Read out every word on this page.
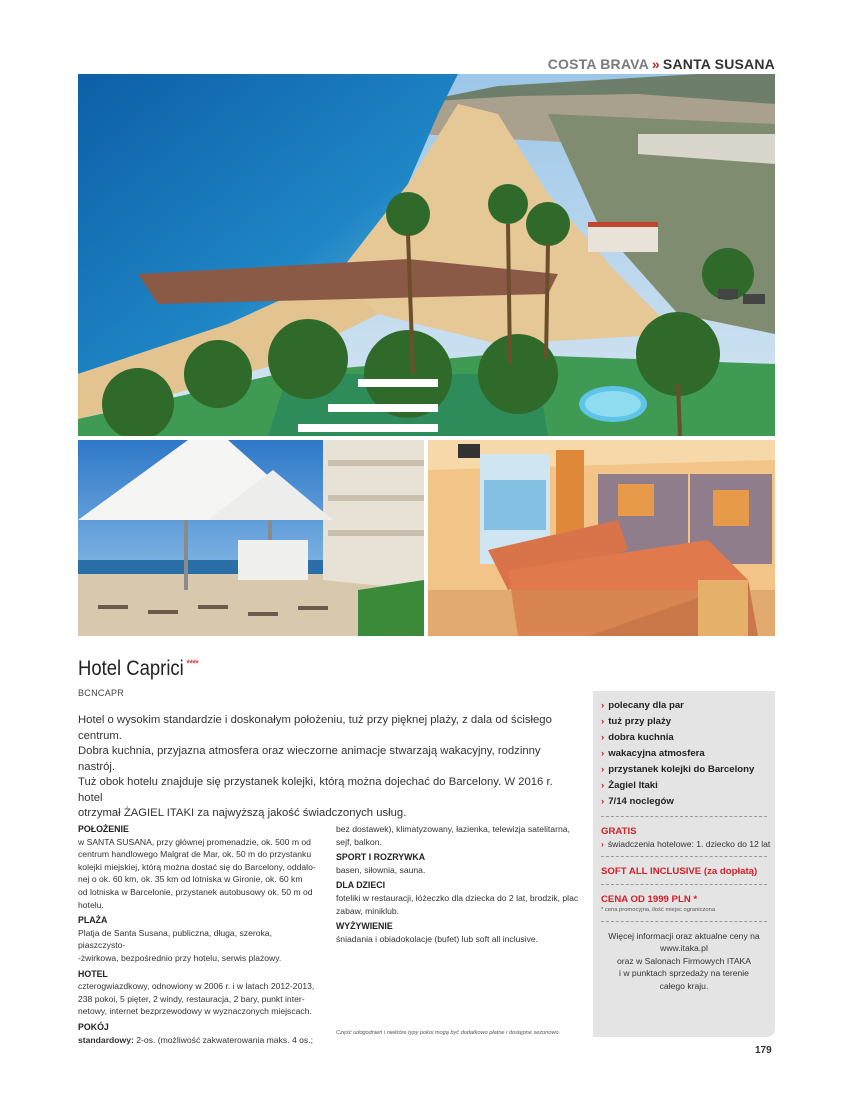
COSTA BRAVA » SANTA SUSANA
Hotel Caprici ****
BCNCAPR
Hotel o wysokim standardzie i doskonałym położeniu, tuż przy pięknej plaży, z dala od ścisłego centrum.
Dobra kuchnia, przyjazna atmosfera oraz wieczorne animacje stwarzają wakacyjny, rodzinny nastrój.
Tuż obok hotelu znajduje się przystanek kolejki, którą można dojechać do Barcelony. W 2016 r. hotel
otrzymał ŻAGIEL ITAKI za najwyższą jakość świadczonych usług.
POŁOŻENIE
w SANTA SUSANA, przy głównej promenadzie, ok. 500 m od
centrum handlowego Malgrat de Mar, ok. 50 m do przystanku
kolejki miejskiej, którą można dostać się do Barcelony, oddalo-
nej o ok. 60 km, ok. 35 km od lotniska w Gironie, ok. 60 km
od lotniska w Barcelonie, przystanek autobusowy ok. 50 m od
hotelu.
PLAŻA
Platja de Santa Susana, publiczna, długa, szeroka, piaszczysto-
-żwirkowa, bezpośrednio przy hotelu, serwis plażowy.
HOTEL
czterogwiazdkowy, odnowiony w 2006 r. i w latach 2012-2013,
238 pokoi, 5 pięter, 2 windy, restauracja, 2 bary, punkt inter-
netowy, internet bezprzewodowy w wyznaczonych miejscach.
POKÓJ
standardowy: 2-os. (możliwość zakwaterowania maks. 4 os.;
bez dostawek), klimatyzowany, łazienka, telewizja satelitarna,
sejf, balkon.
SPORT I ROZRYWKA
basen, siłownia, sauna.
DLA DZIECI
foteliki w restauracji, łóżeczko dla dziecka do 2 lat, brodzik, plac
zabaw, miniklub.
WYŻYWIENIE
śniadania i obiadokolacje (bufet) lub soft all inclusive.
Część udogodnień i niektóre typy pokoi mogą być dodatkowo płatne i dostępne sezonowo.
› polecany dla par
› tuż przy plaży
› dobra kuchnia
› wakacyjna atmosfera
› przystanek kolejki do Barcelony
› Żagiel Itaki
› 7/14 noclegów
GRATIS
› świadczenia hotelowe: 1. dziecko do 12 lat
SOFT ALL INCLUSIVE (za dopłatą)
CENA OD 1999 PLN *
* cena promocyjna, ilość miejsc ograniczona
Więcej informacji oraz aktualne ceny na
www.itaka.pl
oraz w Salonach Firmowych ITAKA
i w punktach sprzedaży na terenie
całego kraju.
179
